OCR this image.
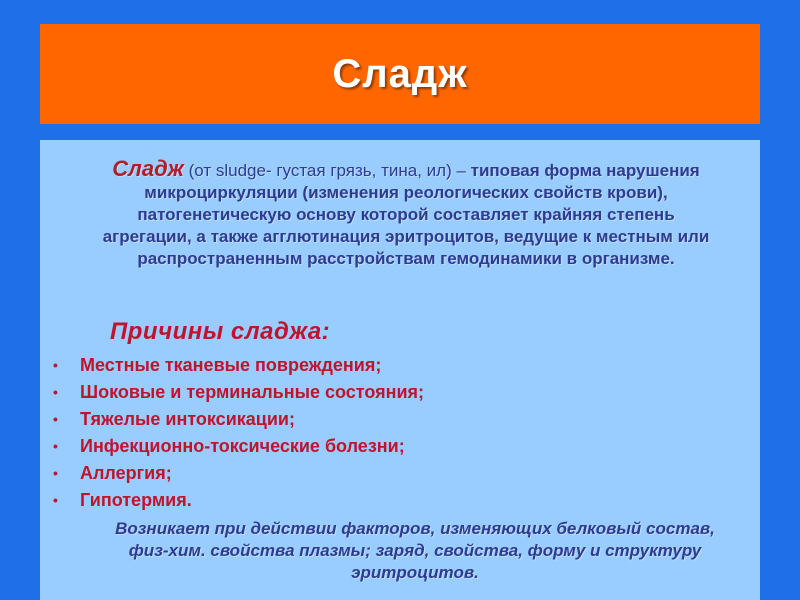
Сладж
Сладж (от sludge- густая грязь, тина, ил) – типовая форма нарушения микроциркуляции (изменения реологических свойств крови), патогенетическую основу которой составляет крайняя степень агрегации, а также агглютинация эритроцитов, ведущие к местным или распространенным расстройствам гемодинамики в организме.
Причины сладжа:
• Местные тканевые повреждения;
• Шоковые и терминальные состояния;
• Тяжелые интоксикации;
• Инфекционно-токсические болезни;
• Аллергия;
• Гипотермия.
Возникает при действии факторов, изменяющих белковый состав, физ-хим. свойства плазмы; заряд, свойства, форму и структуру эритроцитов.
